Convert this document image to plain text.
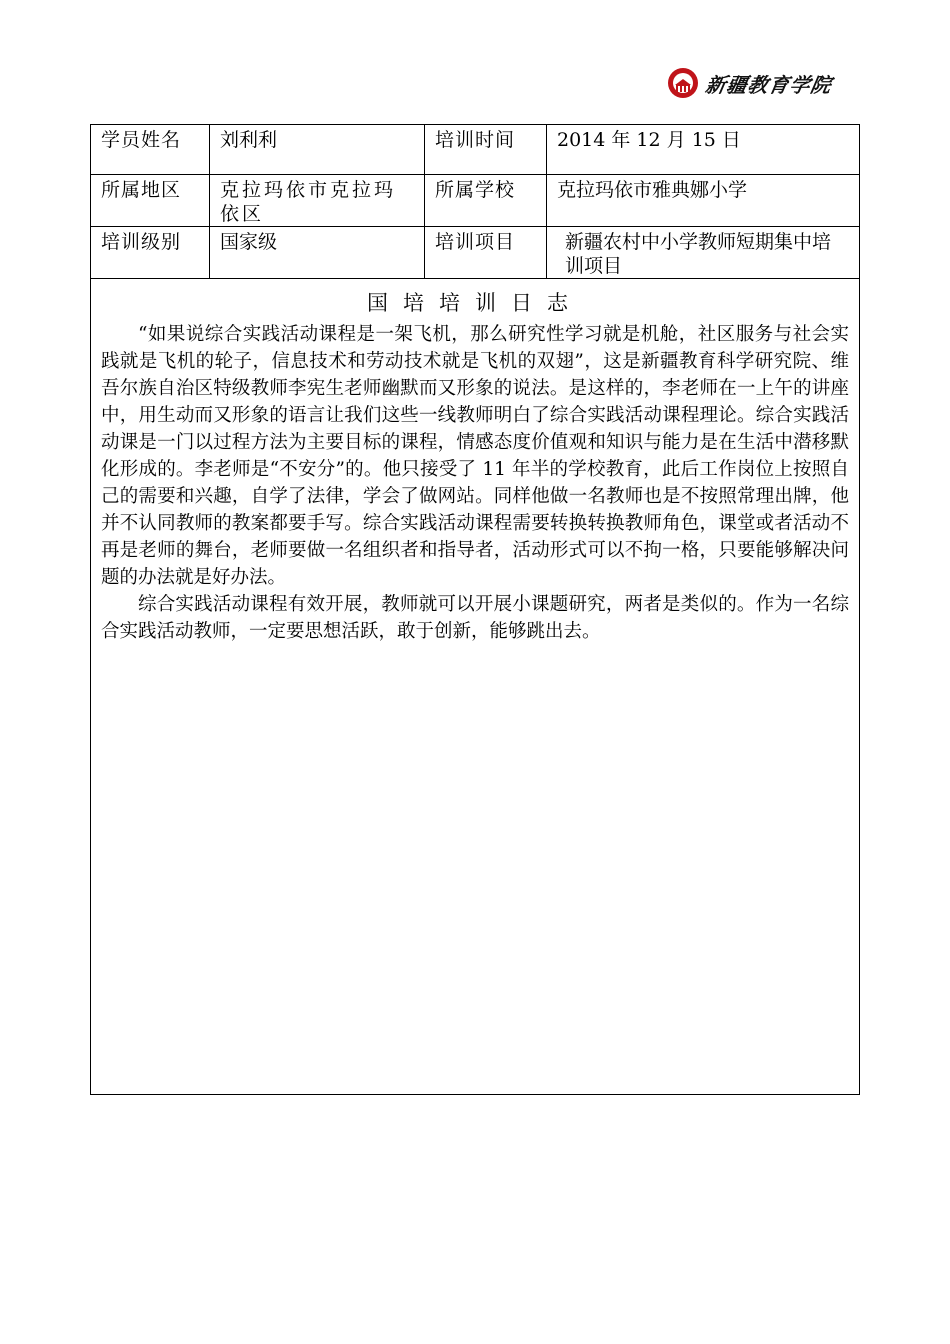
新疆教育学院
学员姓名	刘利利	培训时间	2014 年 12 月 15 日
所属地区	克拉玛依市克拉玛依区	所属学校	克拉玛依市雅典娜小学
培训级别	国家级	培训项目	新疆农村中小学教师短期集中培训项目

国培培训日志

“如果说综合实践活动课程是一架飞机，那么研究性学习就是机舱，社区服务与社会实践就是飞机的轮子，信息技术和劳动技术就是飞机的双翅”，这是新疆教育科学研究院、维吾尔族自治区特级教师李宪生老师幽默而又形象的说法。是这样的，李老师在一上午的讲座中，用生动而又形象的语言让我们这些一线教师明白了综合实践活动课程理论。综合实践活动课是一门以过程方法为主要目标的课程，情感态度价值观和知识与能力是在生活中潜移默化形成的。李老师是“不安分”的。他只接受了 11 年半的学校教育，此后工作岗位上按照自己的需要和兴趣，自学了法律，学会了做网站。同样他做一名教师也是不按照常理出牌，他并不认同教师的教案都要手写。综合实践活动课程需要转换转换教师角色，课堂或者活动不再是老师的舞台，老师要做一名组织者和指导者，活动形式可以不拘一格，只要能够解决问题的办法就是好办法。

综合实践活动课程有效开展，教师就可以开展小课题研究，两者是类似的。作为一名综合实践活动教师，一定要思想活跃，敢于创新，能够跳出去。			
